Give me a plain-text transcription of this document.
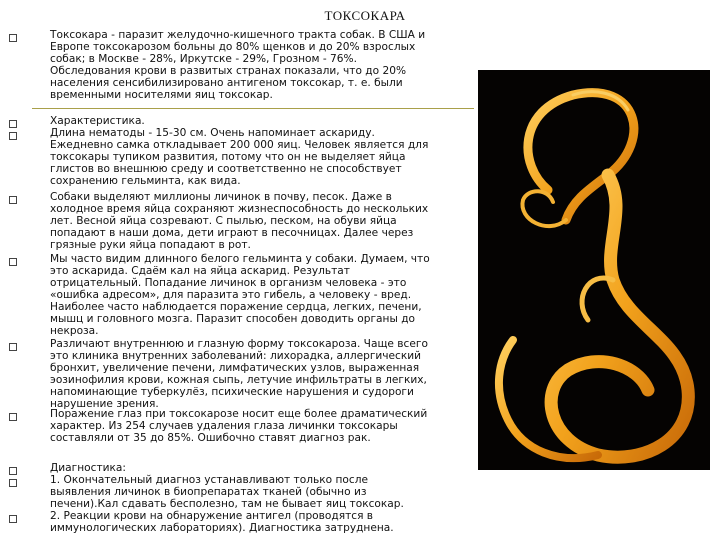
ТОКСОКАРА
Токсокара - паразит желудочно-кишечного тракта собак. В США и
Европе токсокарозом больны до 80% щенков и до 20% взрослых
собак; в Москве - 28%, Иркутске - 29%, Грозном - 76%.
Обследования крови в развитых странах показали, что до 20%
населения сенсибилизировано антигеном токсокар, т. е. были
временными носителями яиц токсокар.
Характеристика.
Длина нематоды - 15-30 см. Очень напоминает аскариду.
Ежедневно самка откладывает 200 000 яиц. Человек является для
токсокары тупиком развития, потому что он не выделяет яйца
глистов во внешнюю среду и соответственно не способствует
сохранению гельминта, как вида.
Собаки выделяют миллионы личинок в почву, песок. Даже в
холодное время яйца сохраняют жизнеспособность до нескольких
лет. Весной яйца созревают. С пылью, песком, на обуви яйца
попадают в наши дома, дети играют в песочницах. Далее через
грязные руки яйца попадают в рот.
Мы часто видим длинного белого гельминта у собаки. Думаем, что
это аскарида. Сдаём кал на яйца аскарид. Результат
отрицательный. Попадание личинок в организм человека - это
«ошибка адресом», для паразита это гибель, а человеку - вред.
Наиболее часто наблюдается поражение сердца, легких, печени,
мышц и головного мозга. Паразит способен доводить органы до
некроза.
Различают внутреннюю и глазную форму токсокароза. Чаще всего
это клиника внутренних заболеваний: лихорадка, аллергический
бронхит, увеличение печени, лимфатических узлов, выраженная
эозинофилия крови, кожная сыпь, летучие инфильтраты в легких,
напоминающие туберкулёз, психические нарушения и судороги
нарушение зрения.
Поражение глаз при токсокарозе носит еще более драматический
характер. Из 254 случаев удаления глаза личинки токсокары
составляли от 35 до 85%. Ошибочно ставят диагноз рак.
Диагностика:
1. Окончательный диагноз устанавливают только после
выявления личинок в биопрепаратах тканей (обычно из
печени).Кал сдавать бесполезно, там не бывает яиц токсокар.
2. Реакции крови на обнаружение антигел (проводятся в
иммунологических лабораториях). Диагностика затруднена.
